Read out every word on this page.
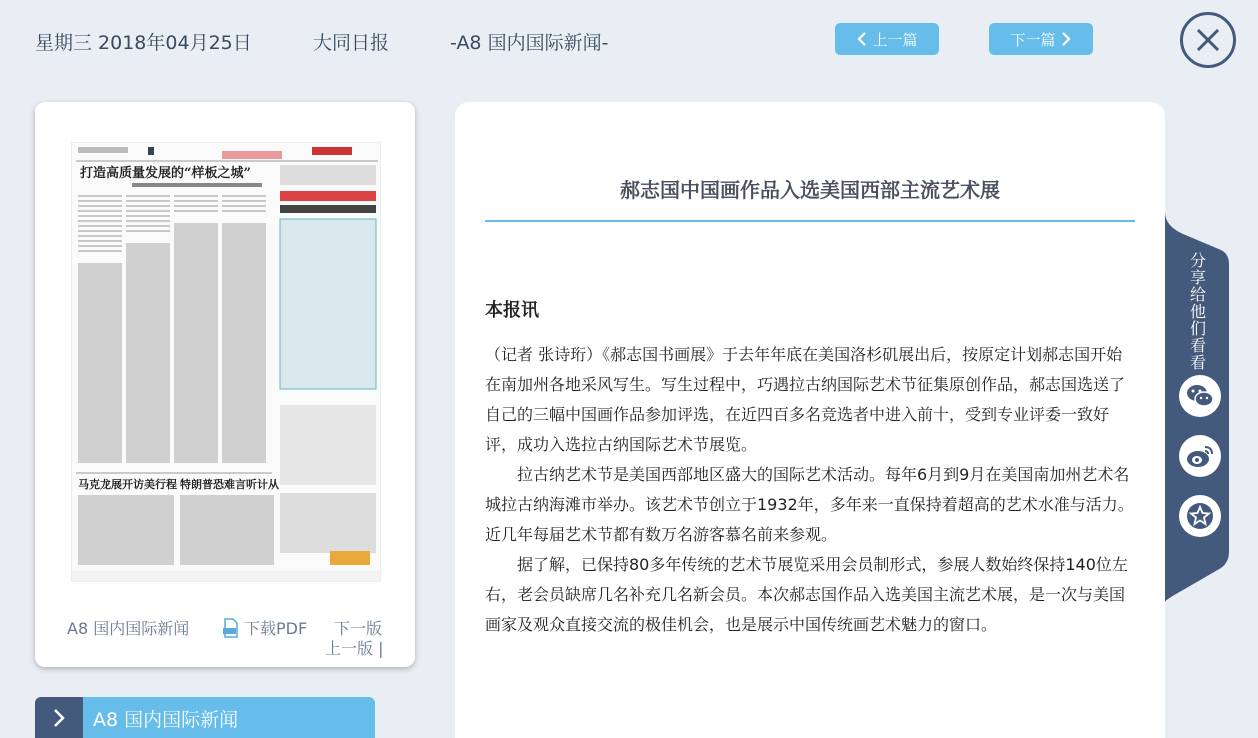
星期三 2018年04月25日	大同日报	-A8 国内国际新闻-	上一篇	下一篇
打造高质量发展的“样板之城”
马克龙展开访美行程 特朗普恐难言听计从
A8 国内国际新闻	下载PDF 下一版
上一版 |
A8 国内国际新闻
郝志国中国画作品入选美国西部主流艺术展
本报讯

（记者 张诗珩）《郝志国书画展》于去年年底在美国洛杉矶展出后，按原定计划郝志国开始在南加州各地采风写生。写生过程中，巧遇拉古纳国际艺术节征集原创作品，郝志国选送了自己的三幅中国画作品参加评选，在近四百多名竞选者中进入前十，受到专业评委一致好评，成功入选拉古纳国际艺术节展览。

拉古纳艺术节是美国西部地区盛大的国际艺术活动。每年6月到9月在美国南加州艺术名城拉古纳海滩市举办。该艺术节创立于1932年，多年来一直保持着超高的艺术水准与活力。近几年每届艺术节都有数万名游客慕名前来参观。

据了解，已保持80多年传统的艺术节展览采用会员制形式，参展人数始终保持140位左右，老会员缺席几名补充几名新会员。本次郝志国作品入选美国主流艺术展，是一次与美国画家及观众直接交流的极佳机会，也是展示中国传统画艺术魅力的窗口。

分享给他们看看
